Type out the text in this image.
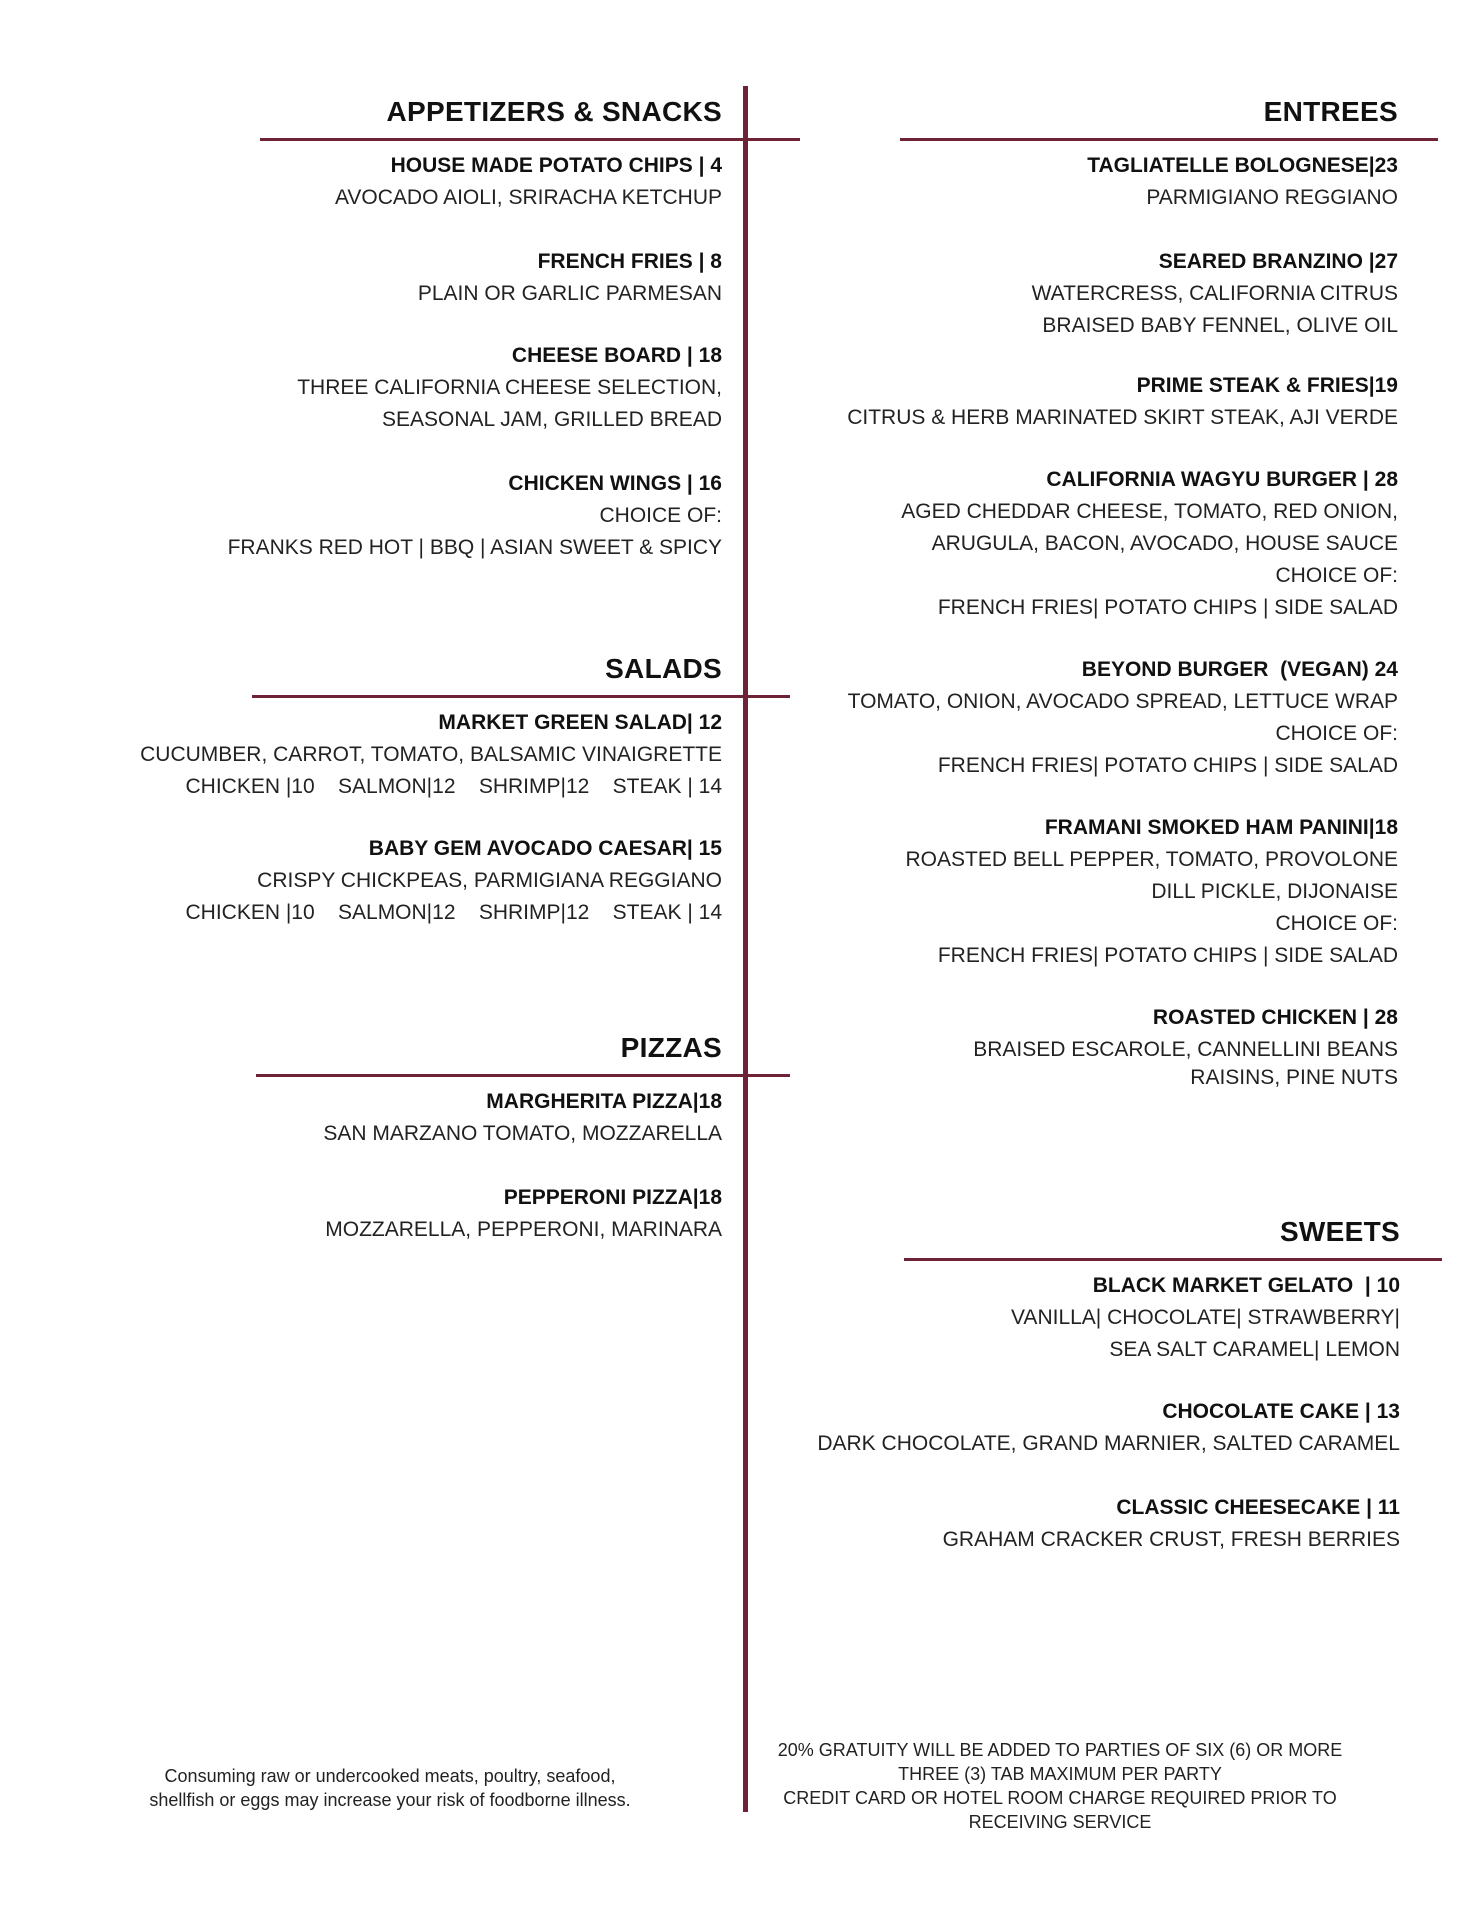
APPETIZERS & SNACKS
HOUSE MADE POTATO CHIPS | 4
AVOCADO AIOLI, SRIRACHA KETCHUP
FRENCH FRIES | 8
PLAIN OR GARLIC PARMESAN
CHEESE BOARD | 18
THREE CALIFORNIA CHEESE SELECTION,
SEASONAL JAM, GRILLED BREAD
CHICKEN WINGS | 16
CHOICE OF:
FRANKS RED HOT | BBQ | ASIAN SWEET & SPICY
SALADS
MARKET GREEN SALAD| 12
CUCUMBER, CARROT, TOMATO, BALSAMIC VINAIGRETTE
CHICKEN |10    SALMON|12    SHRIMP|12    STEAK | 14
BABY GEM AVOCADO CAESAR| 15
CRISPY CHICKPEAS, PARMIGIANA REGGIANO
CHICKEN |10    SALMON|12    SHRIMP|12    STEAK | 14
PIZZAS
MARGHERITA PIZZA|18
SAN MARZANO TOMATO, MOZZARELLA
PEPPERONI PIZZA|18
MOZZARELLA, PEPPERONI, MARINARA
ENTREES
TAGLIATELLE BOLOGNESE|23
PARMIGIANO REGGIANO
SEARED BRANZINO |27
WATERCRESS, CALIFORNIA CITRUS
BRAISED BABY FENNEL, OLIVE OIL
PRIME STEAK & FRIES|19
CITRUS & HERB MARINATED SKIRT STEAK, AJI VERDE
CALIFORNIA WAGYU BURGER | 28
AGED CHEDDAR CHEESE, TOMATO, RED ONION,
ARUGULA, BACON, AVOCADO, HOUSE SAUCE
CHOICE OF:
FRENCH FRIES| POTATO CHIPS | SIDE SALAD
BEYOND BURGER  (VEGAN) 24
TOMATO, ONION, AVOCADO SPREAD, LETTUCE WRAP
CHOICE OF:
FRENCH FRIES| POTATO CHIPS | SIDE SALAD
FRAMANI SMOKED HAM PANINI|18
ROASTED BELL PEPPER, TOMATO, PROVOLONE
DILL PICKLE, DIJONAISE
CHOICE OF:
FRENCH FRIES| POTATO CHIPS | SIDE SALAD
ROASTED CHICKEN | 28
BRAISED ESCAROLE, CANNELLINI BEANS
RAISINS, PINE NUTS
SWEETS
BLACK MARKET GELATO  | 10
VANILLA| CHOCOLATE| STRAWBERRY|
SEA SALT CARAMEL| LEMON
CHOCOLATE CAKE | 13
DARK CHOCOLATE, GRAND MARNIER, SALTED CARAMEL
CLASSIC CHEESECAKE | 11
GRAHAM CRACKER CRUST, FRESH BERRIES
Consuming raw or undercooked meats, poultry, seafood,
shellfish or eggs may increase your risk of foodborne illness.
20% GRATUITY WILL BE ADDED TO PARTIES OF SIX (6) OR MORE
THREE (3) TAB MAXIMUM PER PARTY
CREDIT CARD OR HOTEL ROOM CHARGE REQUIRED PRIOR TO
RECEIVING SERVICE
